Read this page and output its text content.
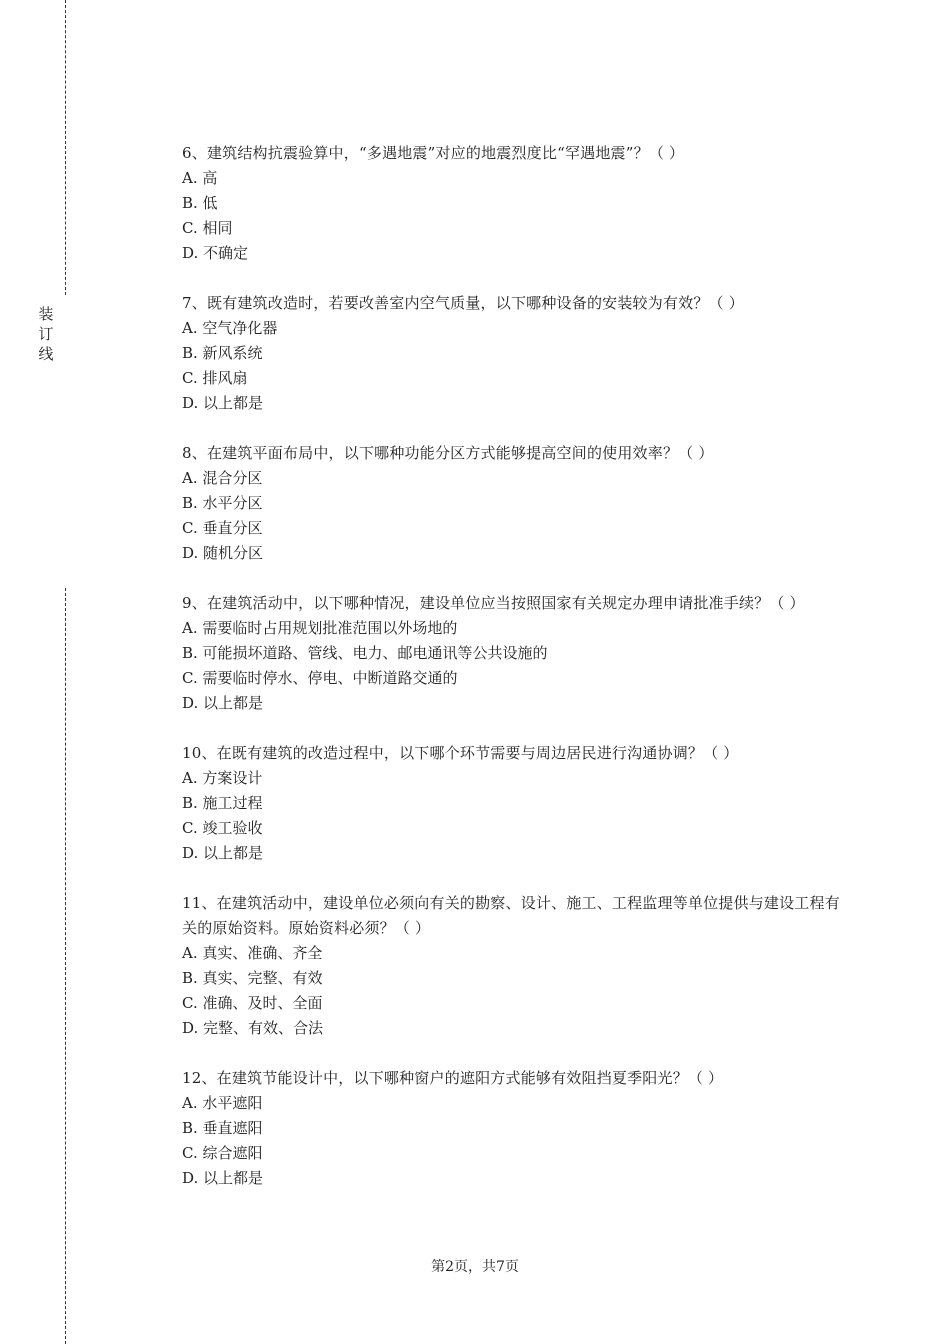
装
订
线
6、建筑结构抗震验算中，“多遇地震”对应的地震烈度比“罕遇地震”？（ ）
A. 高
B. 低
C. 相同
D. 不确定
7、既有建筑改造时，若要改善室内空气质量，以下哪种设备的安装较为有效？（ ）
A. 空气净化器
B. 新风系统
C. 排风扇
D. 以上都是
8、在建筑平面布局中，以下哪种功能分区方式能够提高空间的使用效率？（ ）
A. 混合分区
B. 水平分区
C. 垂直分区
D. 随机分区
9、在建筑活动中，以下哪种情况，建设单位应当按照国家有关规定办理申请批准手续？（ ）
A. 需要临时占用规划批准范围以外场地的
B. 可能损坏道路、管线、电力、邮电通讯等公共设施的
C. 需要临时停水、停电、中断道路交通的
D. 以上都是
10、在既有建筑的改造过程中，以下哪个环节需要与周边居民进行沟通协调？（ ）
A. 方案设计
B. 施工过程
C. 竣工验收
D. 以上都是
11、在建筑活动中，建设单位必须向有关的勘察、设计、施工、工程监理等单位提供与建设工程有关的原始资料。原始资料必须？（ ）
A. 真实、准确、齐全
B. 真实、完整、有效
C. 准确、及时、全面
D. 完整、有效、合法
12、在建筑节能设计中，以下哪种窗户的遮阳方式能够有效阻挡夏季阳光？（ ）
A. 水平遮阳
B. 垂直遮阳
C. 综合遮阳
D. 以上都是
第2页，共7页
